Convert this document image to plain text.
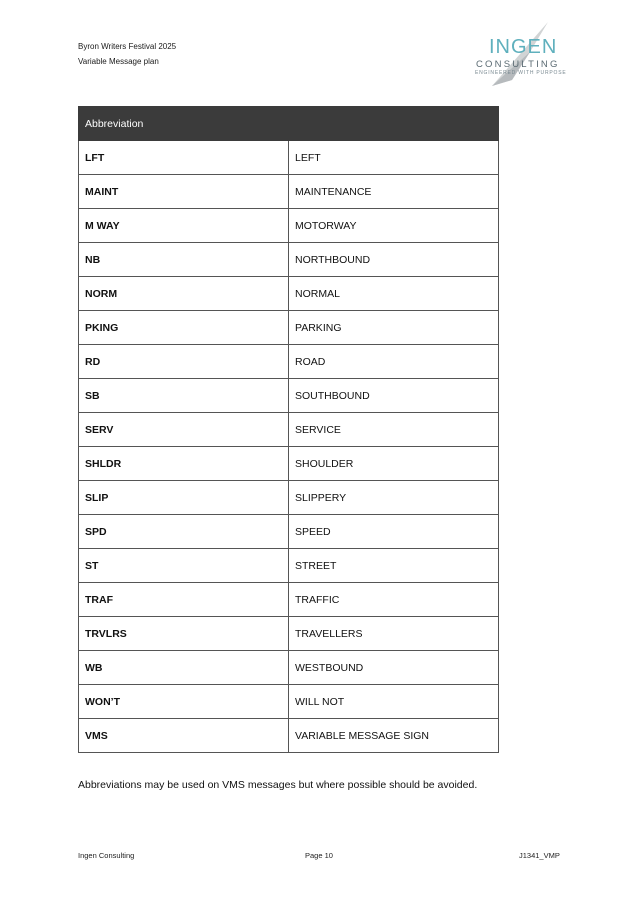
Byron Writers Festival 2025
Variable Message plan
INGEN
CONSULTING
ENGINEERED WITH PURPOSE
Abbreviation	
LFT	LEFT
MAINT	MAINTENANCE
M WAY	MOTORWAY
NB	NORTHBOUND
NORM	NORMAL
PKING	PARKING
RD	ROAD
SB	SOUTHBOUND
SERV	SERVICE
SHLDR	SHOULDER
SLIP	SLIPPERY
SPD	SPEED
ST	STREET
TRAF	TRAFFIC
TRVLRS	TRAVELLERS
WB	WESTBOUND
WON’T	WILL NOT
VMS	VARIABLE MESSAGE SIGN
Abbreviations may be used on VMS messages but where possible should be avoided.
Ingen Consulting	Page 10	J1341_VMP
